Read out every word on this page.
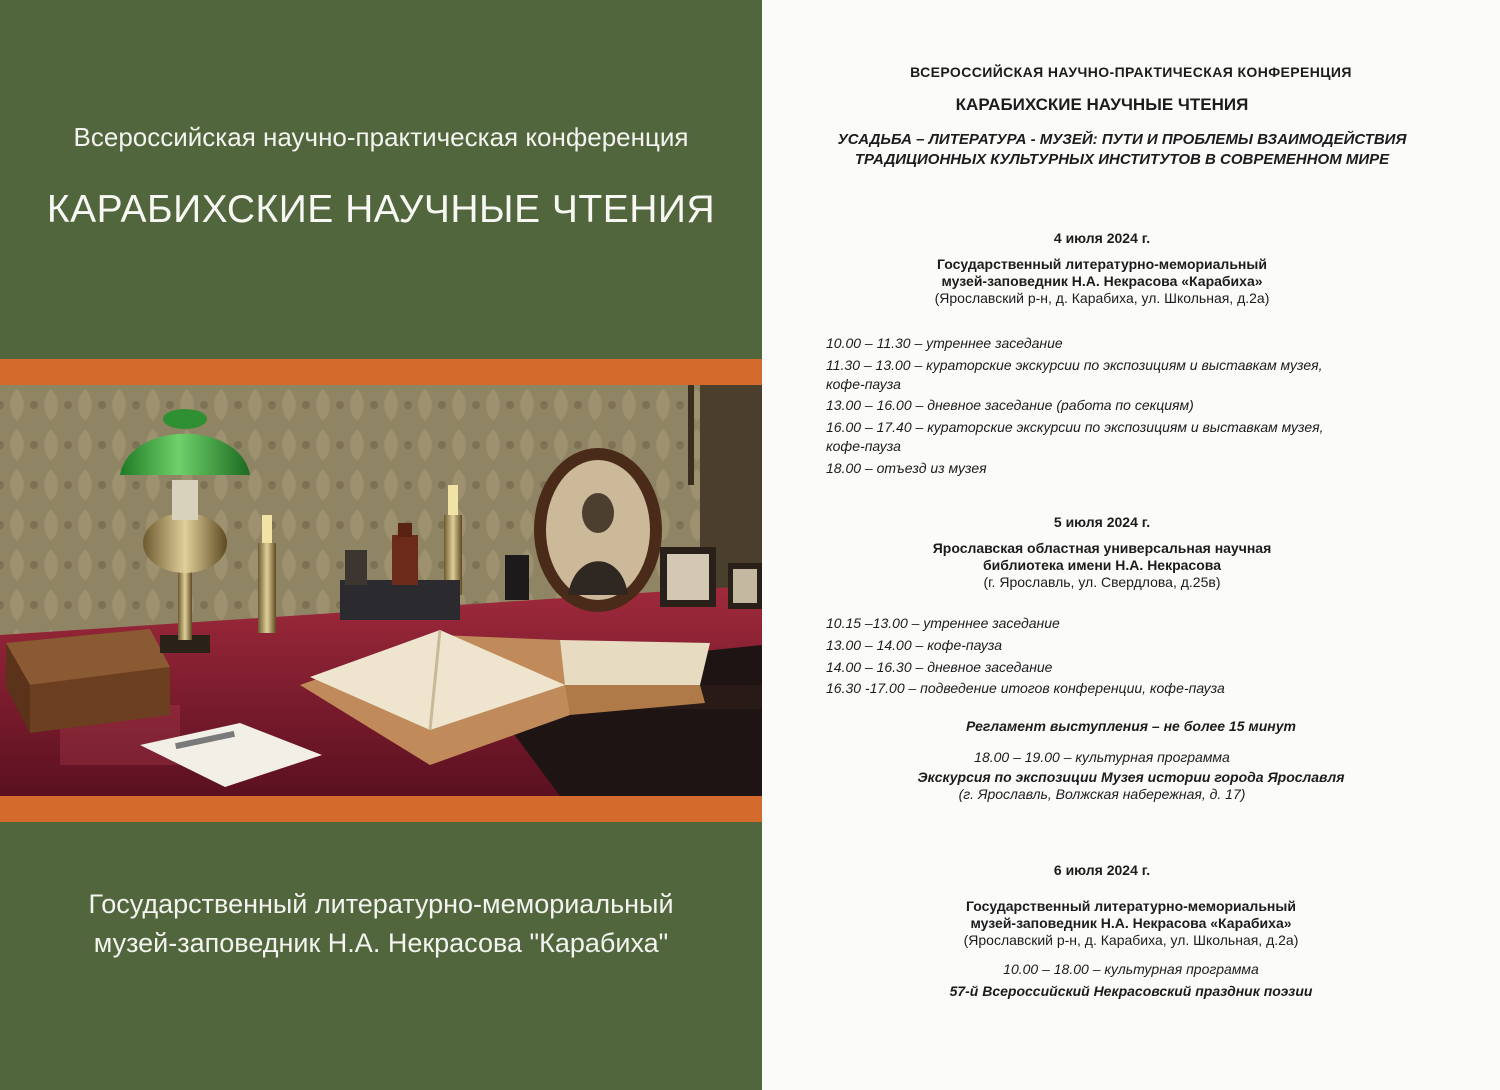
Всероссийская научно-практическая конференция
КАРАБИХСКИЕ НАУЧНЫЕ ЧТЕНИЯ
Государственный литературно-мемориальный
музей-заповедник Н.А. Некрасова "Карабиха"
ВСЕРОССИЙСКАЯ НАУЧНО-ПРАКТИЧЕСКАЯ КОНФЕРЕНЦИЯ
КАРАБИХСКИЕ НАУЧНЫЕ ЧТЕНИЯ
УСАДЬБА – ЛИТЕРАТУРА - МУЗЕЙ: ПУТИ И ПРОБЛЕМЫ ВЗАИМОДЕЙСТВИЯ
ТРАДИЦИОННЫХ КУЛЬТУРНЫХ ИНСТИТУТОВ В СОВРЕМЕННОМ МИРЕ
4 июля 2024 г.
Государственный литературно-мемориальный
музей-заповедник Н.А. Некрасова «Карабиха»
(Ярославский р-н, д. Карабиха, ул. Школьная, д.2а)
10.00 – 11.30 – утреннее заседание
11.30 – 13.00 – кураторские экскурсии по экспозициям и выставкам музея,
кофе-пауза
13.00 – 16.00 – дневное заседание (работа по секциям)
16.00 – 17.40 – кураторские экскурсии по экспозициям и выставкам музея,
кофе-пауза
18.00 – отъезд из музея
5 июля 2024 г.
Ярославская областная универсальная научная
библиотека имени Н.А. Некрасова
(г. Ярославль, ул. Свердлова, д.25в)
10.15 –13.00 – утреннее заседание
13.00 – 14.00 – кофе-пауза
14.00 – 16.30 – дневное заседание
16.30 -17.00 – подведение итогов конференции, кофе-пауза
Регламент выступления – не более 15 минут
18.00 – 19.00 – культурная программа
Экскурсия по экспозиции Музея истории города Ярославля
(г. Ярославль, Волжская набережная, д. 17)
6 июля 2024 г.
Государственный литературно-мемориальный
музей-заповедник Н.А. Некрасова «Карабиха»
(Ярославский р-н, д. Карабиха, ул. Школьная, д.2а)
10.00 – 18.00 – культурная программа
57-й Всероссийский Некрасовский праздник поэзии
